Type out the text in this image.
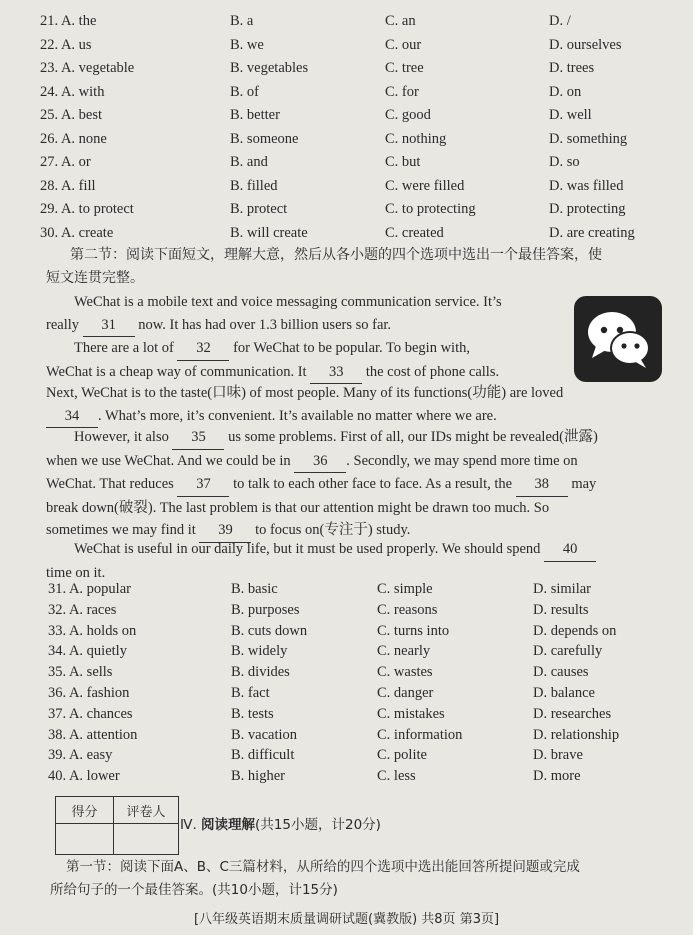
21. A. the	B. a	C. an	D. /
22. A. us	B. we	C. our	D. ourselves
23. A. vegetable	B. vegetables	C. tree	D. trees
24. A. with	B. of	C. for	D. on
25. A. best	B. better	C. good	D. well
26. A. none	B. someone	C. nothing	D. something
27. A. or	B. and	C. but	D. so
28. A. fill	B. filled	C. were filled	D. was filled
29. A. to protect	B. protect	C. to protecting	D. protecting
30. A. create	B. will create	C. created	D. are creating
第二节：阅读下面短文，理解大意，然后从各小题的四个选项中选出一个最佳答案，使
短文连贯完整。
WeChat is a mobile text and voice messaging communication service. It’s
really 31 now. It has had over 1.3 billion users so far.
There are a lot of 32 for WeChat to be popular. To begin with,
WeChat is a cheap way of communication. It 33 the cost of phone calls.
Next, WeChat is to the taste(口味) of most people. Many of its functions(功能) are loved
34 . What’s more, it’s convenient. It’s available no matter where we are.
However, it also 35 us some problems. First of all, our IDs might be revealed(泄露)
when we use WeChat. And we could be in 36 . Secondly, we may spend more time on
WeChat. That reduces 37 to talk to each other face to face. As a result, the 38 may
break down(破裂). The last problem is that our attention might be drawn too much. So
sometimes we may find it 39 to focus on(专注于) study.
WeChat is useful in our daily life, but it must be used properly. We should spend 40
time on it.
31. A. popular	B. basic	C. simple	D. similar
32. A. races	B. purposes	C. reasons	D. results
33. A. holds on	B. cuts down	C. turns into	D. depends on
34. A. quietly	B. widely	C. nearly	D. carefully
35. A. sells	B. divides	C. wastes	D. causes
36. A. fashion	B. fact	C. danger	D. balance
37. A. chances	B. tests	C. mistakes	D. researches
38. A. attention	B. vacation	C. information	D. relationship
39. A. easy	B. difficult	C. polite	D. brave
40. A. lower	B. higher	C. less	D. more
得分	评卷人

Ⅳ. 阅读理解(共15小题，计20分)
第一节：阅读下面A、B、C三篇材料，从所给的四个选项中选出能回答所提问题或完成
所给句子的一个最佳答案。(共10小题，计15分)
[八年级英语期末质量调研试题(冀教版) 共8页 第3页]
